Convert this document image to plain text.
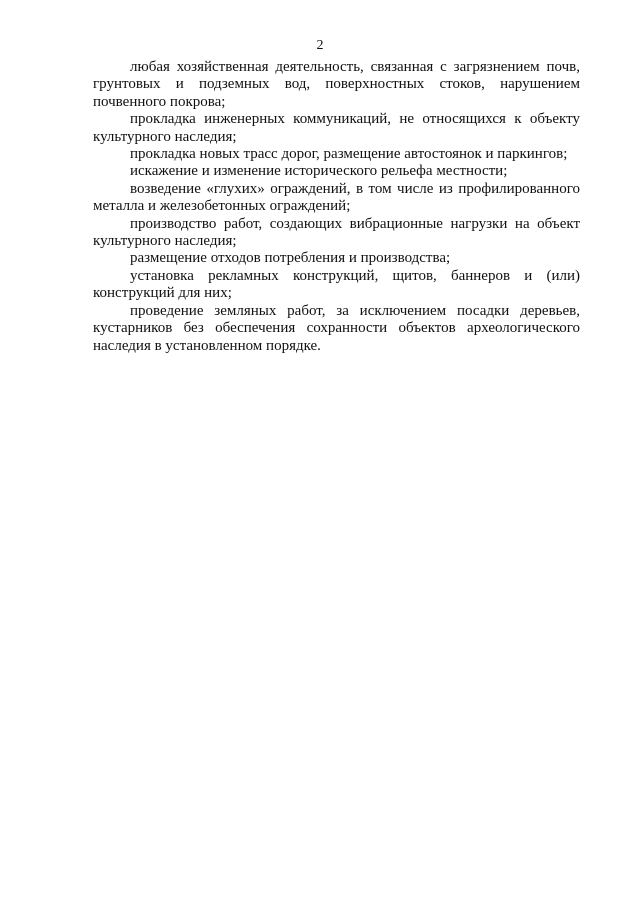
2

любая хозяйственная деятельность, связанная с загрязнением почв, грунтовых и подземных вод, поверхностных стоков, нарушением почвенного покрова;

прокладка инженерных коммуникаций, не относящихся к объекту культурного наследия;

прокладка новых трасс дорог, размещение автостоянок и паркингов;

искажение и изменение исторического рельефа местности;

возведение «глухих» ограждений, в том числе из профилированного металла и железобетонных ограждений;

производство работ, создающих вибрационные нагрузки на объект культурного наследия;

размещение отходов потребления и производства;

установка рекламных конструкций, щитов, баннеров и (или) конструкций для них;

проведение земляных работ, за исключением посадки деревьев, кустарников без обеспечения сохранности объектов археологического наследия в установленном порядке.
